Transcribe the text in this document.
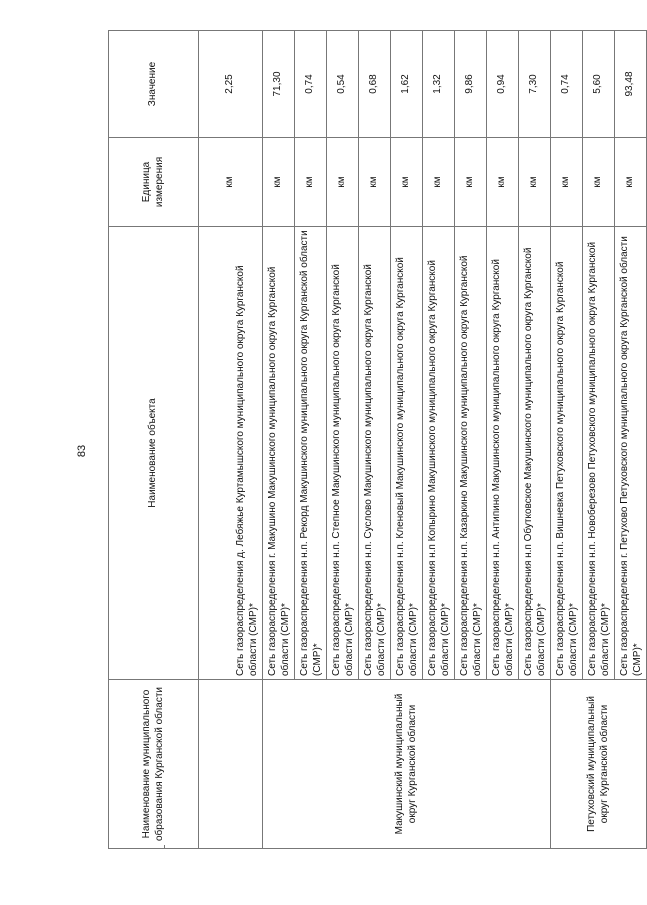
83
Наименование муниципального образования Курганской области	Наименование объекта	Единица измерения	Значение
	Сеть газораспределения д. Лебяжье Куртамышского муниципального округа Курганской области (СМР)*	км	2,25
Макушинский муниципальный округ Курганской области	Сеть газораспределения г. Макушино Макушинского муниципального округа Курганской области (СМР)*	км	71,30
	Сеть газораспределения н.п. Рекорд Макушинского муниципального округа Курганской области (СМР)*	км	0,74
	Сеть газораспределения н.п. Степное Макушинского муниципального округа Курганской области (СМР)*	км	0,54
	Сеть газораспределения н.п. Суслово Макушинского муниципального округа Курганской области (СМР)*	км	0,68
	Сеть газораспределения н.п. Кленовый Макушинского муниципального округа Курганской области (СМР)*	км	1,62
	Сеть газораспределения н.п Копырино Макушинского муниципального округа Курганской области (СМР)*	км	1,32
	Сеть газораспределения н.п. Казаркино Макушинского муниципального округа Курганской области (СМР)*	км	9,86
	Сеть газораспределения н.п. Антипино Макушинского муниципального округа Курганской области (СМР)*	км	0,94
	Сеть газораспределения н.п Обутковское Макушинского муниципального округа Курганской области (СМР)*	км	7,30
Петуховский муниципальный округ Курганской области	Сеть газораспределения н.п. Вишневка Петуховского муниципального округа Курганской области (СМР)*	км	0,74
	Сеть газораспределения н.п. Новоберезово Петуховского муниципального округа Курганской области (СМР)*	км	5,60
	Сеть газораспределения г. Петухово Петуховского муниципального округа Курганской области (СМР)*	км	93,48
